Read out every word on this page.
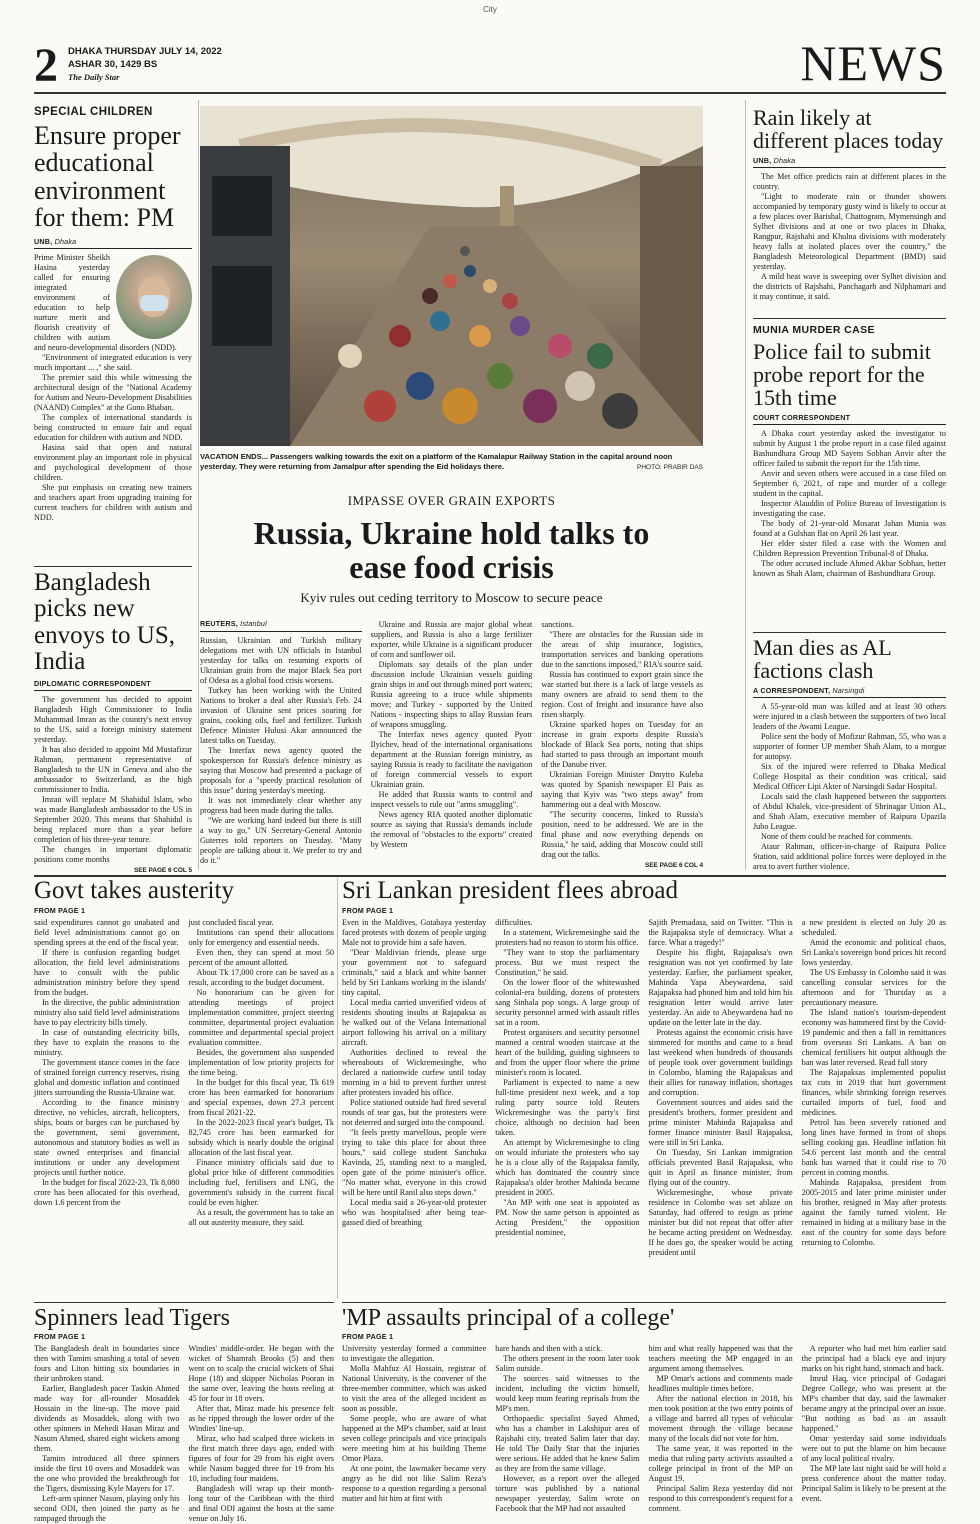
City
2 DHAKA THURSDAY JULY 14, 2022
ASHAR 30, 1429 BS
The Daily Star	NEWS
SPECIAL CHILDREN
Ensure proper educational environment for them: PM
UNB, Dhaka

Prime Minister Sheikh Hasina yesterday called for ensuring integrated environment of education to help nurture merit and flourish creativity of children with autism and neuro-developmental disorders (NDD).

"Environment of integrated education is very much important ... ," she said.

The premier said this while witnessing the architectural design of the "National Academy for Autism and Neuro-Development Disabilities (NAAND) Complex" at the Gono Bhaban.

The complex of international standards is being constructed to ensure fair and equal education for children with autism and NDD.

Hasina said that open and natural environment play an important role in physical and psychological development of those children.

She put emphasis on creating new trainers and teachers apart from upgrading training for current teachers for children with autism and NDD.

Bangladesh picks new envoys to US, India
DIPLOMATIC CORRESPONDENT

The government has decided to appoint Bangladesh High Commissioner to India Muhammad Imran as the country's next envoy to the US, said a foreign ministry statement yesterday.

It has also decided to appoint Md Mustafizur Rahman, permanent representative of Bangladesh to the UN in Geneva and also the ambassador to Switzerland, as the high commissioner to India.

Imran will replace M Shahidul Islam, who was made Bangladesh ambassador to the US in September 2020. This means that Shahidul is being replaced more than a year before completion of his three-year tenure.

The changes in important diplomatic positions come months

SEE PAGE 6 COL 5
VACATION ENDS... Passengers walking towards the exit on a platform of the Kamalapur Railway Station in the capital around noon yesterday. They were returning from Jamalpur after spending the Eid holidays there.	PHOTO: PRABIR DAS
IMPASSE OVER GRAIN EXPORTS
Russia, Ukraine hold talks to ease food crisis
Kyiv rules out ceding territory to Moscow to secure peace
REUTERS, Istanbul

Russian, Ukrainian and Turkish military delegations met with UN officials in Istanbul yesterday for talks on resuming exports of Ukrainian grain from the major Black Sea port of Odesa as a global food crisis worsens.

Turkey has been working with the United Nations to broker a deal after Russia's Feb. 24 invasion of Ukraine sent prices soaring for grains, cooking oils, fuel and fertilizer. Turkish Defence Minister Hulusi Akar announced the latest talks on Tuesday.

The Interfax news agency quoted the spokesperson for Russia's defence ministry as saying that Moscow had presented a package of proposals for a "speedy practical resolution of this issue" during yesterday's meeting.

It was not immediately clear whether any progress had been made during the talks.

"We are working hard indeed but there is still a way to go," UN Secretary-General Antonio Guterres told reporters on Tuesday. "Many people are talking about it. We prefer to try and do it."

Ukraine and Russia are major global wheat suppliers, and Russia is also a large fertilizer exporter, while Ukraine is a significant producer of corn and sunflower oil.

Diplomats say details of the plan under discussion include Ukrainian vessels guiding grain ships in and out through mined port waters; Russia agreeing to a truce while shipments move; and Turkey - supported by the United Nations - inspecting ships to allay Russian fears of weapons smuggling.

The Interfax news agency quoted Pyotr Ilyichev, head of the international organisations department at the Russian foreign ministry, as saying Russia is ready to facilitate the navigation of foreign commercial vessels to export Ukrainian grain.

He added that Russia wants to control and inspect vessels to rule out "arms smuggling".

News agency RIA quoted another diplomatic source as saying that Russia's demands include the removal of "obstacles to the exports" created by Western

sanctions.

"There are obstacles for the Russian side in the areas of ship insurance, logistics, transportation services and banking operations due to the sanctions imposed," RIA's source said.

Russia has continued to export grain since the war started but there is a lack of large vessels as many owners are afraid to send them to the region. Cost of freight and insurance have also risen sharply.

Ukraine sparked hopes on Tuesday for an increase in grain exports despite Russia's blockade of Black Sea ports, noting that ships had started to pass through an important mouth of the Danube river.

Ukrainian Foreign Minister Dmytro Kuleba was quoted by Spanish newspaper El Pais as saying that Kyiv was "two steps away" from hammering out a deal with Moscow.

"The security concerns, linked to Russia's position, need to be addressed. We are in the final phase and now everything depends on Russia," he said, adding that Moscow could still drag out the talks.

SEE PAGE 6 COL 4
Rain likely at different places today
UNB, Dhaka

The Met office predicts rain at different places in the country.

"Light to moderate rain or thunder showers accompanied by temporary gusty wind is likely to occur at a few places over Barishal, Chattogram, Mymensingh and Sylhet divisions and at one or two places in Dhaka, Rangpur, Rajshahi and Khulna divisions with moderately heavy falls at isolated places over the country," the Bangladesh Meteorological Department (BMD) said yesterday.

A mild heat wave is sweeping over Sylhet division and the districts of Rajshahi, Panchagarh and Nilphamari and it may continue, it said.

MUNIA MURDER CASE
Police fail to submit probe report for the 15th time
COURT CORRESPONDENT

A Dhaka court yesterday asked the investigator to submit by August 1 the probe report in a case filed against Bashundhara Group MD Sayem Sobhan Anvir after the officer failed to submit the report for the 15th time.

Anvir and seven others were accused in a case filed on September 6, 2021, of rape and murder of a college student in the capital.

Inspector Alauddin of Police Bureau of Investigation is investigating the case.

The body of 21-year-old Mosarat Jahan Munia was found at a Gulshan flat on April 26 last year.

Her elder sister filed a case with the Women and Children Repression Prevention Tribunal-8 of Dhaka.

The other accused include Ahmed Akbar Sobhan, better known as Shah Alam, chairman of Bashundhara Group.

Man dies as AL factions clash
A CORRESPONDENT, Narsingdi

A 55-year-old man was killed and at least 30 others were injured in a clash between the supporters of two local leaders of the Awami League.

Police sent the body of Mofizur Rahman, 55, who was a supporter of former UP member Shah Alam, to a morgue for autopsy.

Six of the injured were referred to Dhaka Medical College Hospital as their condition was critical, said Medical Officer Lipi Akter of Narsingdi Sadar Hospital.

Locals said the clash happened between the supporters of Abdul Khalek, vice-president of Shrinagar Union AL, and Shah Alam, executive member of Raipura Upazila Jubo League.

None of them could be reached for comments.

Ataur Rahman, officer-in-charge of Raipura Police Station, said additional police forces were deployed in the area to avert further violence.

Govt takes austerity
FROM PAGE 1

said expenditures cannot go unabated and field level administrations cannot go on spending sprees at the end of the fiscal year.

If there is confusion regarding budget allocation, the field level administrations have to consult with the public administration ministry before they spend from the budget.

In the directive, the public administration ministry also said field level administrations have to pay electricity bills timely.

In case of outstanding electricity bills, they have to explain the reasons to the ministry.

The government stance comes in the face of strained foreign currency reserves, rising global and domestic inflation and continued jitters surrounding the Russia-Ukraine war.

According to the finance ministry directive, no vehicles, aircraft, helicopters, ships, boats or barges can be purchased by the government, semi government, autonomous and statutory bodies as well as state owned enterprises and financial institutions or under any development projects until further notice.

In the budget for fiscal 2022-23, Tk 8,080 crore has been allocated for this overhead, down 1.6 percent from the

just concluded fiscal year.

Institutions can spend their allocations only for emergency and essential needs.

Even then, they can spend at most 50 percent of the amount allotted.

About Tk 17,000 crore can be saved as a result, according to the budget document.

No honorarium can be given for attending meetings of project implementation committee, project steering committee, departmental project evaluation committee and departmental special project evaluation committee.

Besides, the government also suspended implementation of low priority projects for the time being.

In the budget for this fiscal year, Tk 619 crore has been earmarked for honorarium and special expenses, down 27.3 percent from fiscal 2021-22.

In the 2022-2023 fiscal year's budget, Tk 82,745 crore has been earmarked for subsidy which is nearly double the original allocation of the last fiscal year.

Finance ministry officials said due to global price hike of different commodities including fuel, fertilisers and LNG, the government's subsidy in the current fiscal could be even higher.

As a result, the government has to take an all out austerity measure, they said.

Sri Lankan president flees abroad
FROM PAGE 1

Even in the Maldives, Gotabaya yesterday faced protests with dozens of people urging Male not to provide him a safe haven.

"Dear Maldivian friends, please urge your government not to safeguard criminals," said a black and white banner held by Sri Lankans working in the islands' tiny capital.

Local media carried unverified videos of residents shouting insults at Rajapaksa as he walked out of the Velana International airport following his arrival on a military aircraft.

Authorities declined to reveal the whereabouts of Wickremesinghe, who declared a nationwide curfew until today morning in a bid to prevent further unrest after protesters invaded his office.

Police stationed outside had fired several rounds of tear gas, but the protesters were not deterred and surged into the compound.

"It feels pretty marvellous, people were trying to take this place for about three hours," said college student Sanchuka Kavinda, 25, standing next to a mangled, open gate of the prime minister's office. "No matter what, everyone in this crowd will be here until Ranil also steps down."

Local media said a 26-year-old protester who was hospitalised after being tear-gassed died of breathing

difficulties.

In a statement, Wickremesinghe said the protesters had no reason to storm his office.

"They want to stop the parliamentary process. But we must respect the Constitution," he said.

On the lower floor of the whitewashed colonial-era building, dozens of protesters sang Sinhala pop songs. A large group of security personnel armed with assault rifles sat in a room.

Protest organisers and security personnel manned a central wooden staircase at the heart of the building, guiding sightseers to and from the upper floor where the prime minister's room is located.

Parliament is expected to name a new full-time president next week, and a top ruling party source told Reuters Wickremesinghe was the party's first choice, although no decision had been taken.

An attempt by Wickremesinghe to cling on would infuriate the protesters who say he is a close ally of the Rajapaksa family, which has dominated the country since Rajapaksa's older brother Mahinda became president in 2005.

"An MP with one seat is appointed as PM. Now the same person is appointed as Acting President," the opposition presidential nominee,

Sajith Premadasa, said on Twitter. "This is the Rajapaksa style of democracy. What a farce. What a tragedy!"

Despite his flight, Rajapaksa's own resignation was not yet confirmed by late yesterday. Earlier, the parliament speaker, Mahinda Yapa Abeywardena, said Rajapaksa had phoned him and told him his resignation letter would arrive later yesterday. An aide to Abeywardena had no update on the letter late in the day.

Protests against the economic crisis have simmered for months and came to a head last weekend when hundreds of thousands of people took over government buildings in Colombo, blaming the Rajapaksas and their allies for runaway inflation, shortages and corruption.

Government sources and aides said the president's brothers, former president and prime minister Mahinda Rajapaksa and former finance minister Basil Rajapaksa, were still in Sri Lanka.

On Tuesday, Sri Lankan immigration officials prevented Basil Rajapaksa, who quit in April as finance minister, from flying out of the country.

Wickremesinghe, whose private residence in Colombo was set ablaze on Saturday, had offered to resign as prime minister but did not repeat that offer after he became acting president on Wednesday. If he does go, the speaker would be acting president until

a new president is elected on July 20 as scheduled.

Amid the economic and political chaos, Sri Lanka's sovereign bond prices hit record lows yesterday.

The US Embassy in Colombo said it was cancelling consular services for the afternoon and for Thursday as a precautionary measure.

The island nation's tourism-dependent economy was hammered first by the Covid-19 pandemic and then a fall in remittances from overseas Sri Lankans. A ban on chemical fertilisers hit output although the ban was later reversed. Read full story

The Rajapaksas implemented populist tax cuts in 2019 that hurt government finances, while shrinking foreign reserves curtailed imports of fuel, food and medicines.

Petrol has been severely rationed and long lines have formed in front of shops selling cooking gas. Headline inflation hit 54.6 percent last month and the central bank has warned that it could rise to 70 percent in coming months.

Mahinda Rajapaksa, president from 2005-2015 and later prime minister under his brother, resigned in May after protests against the family turned violent. He remained in hiding at a military base in the east of the country for some days before returning to Colombo.

Spinners lead Tigers
FROM PAGE 1

The Bangladesh dealt in boundaries since then with Tamim smashing a total of seven fours and Liton hitting six boundaries in their unbroken stand.

Earlier, Bangladesh pacer Taskin Ahmed made way for all-rounder Mosaddek Hossain in the line-up. The move paid dividends as Mosaddek, along with two other spinners in Mehedi Hasan Miraz and Nasum Ahmed, shared eight wickets among them.

Tamim introduced all three spinners inside the first 10 overs and Mosaddek was the one who provided the breakthrough for the Tigers, dismissing Kyle Mayers for 17.

Left-arm spinner Nasum, playing only his second ODI, then joined the party as he rampaged through the

Windies' middle-order. He began with the wicket of Shamrah Brooks (5) and then went on to scalp the crucial wickets of Shai Hope (18) and skipper Nicholas Pooran in the same over, leaving the hosts reeling at 45 for four in 18 overs.

After that, Miraz made his presence felt as he ripped through the lower order of the Windies' line-up.

Miraz, who had scalped three wickets in the first match three days ago, ended with figures of four for 29 from his eight overs while Nasum bagged three for 19 from his 10, including four maidens.

Bangladesh will wrap up their month-long tour of the Caribbean with the third and final ODI against the hosts at the same venue on July 16.

'MP assaults principal of a college'
FROM PAGE 1

University yesterday formed a committee to investigate the allegation.

Molla Mahfuz Al Hossain, registrar of National University, is the convener of the three-member committee, which was asked to visit the area of the alleged incident as soon as possible.

Some people, who are aware of what happened at the MP's chamber, said at least seven college principals and vice principals were meeting him at his building Theme Omor Plaza.

At one point, the lawmaker became very angry as he did not like Salim Reza's response to a question regarding a personal matter and hit him at first with

bare hands and then with a stick.

The others present in the room later took Salim outside.

The sources said witnesses to the incident, including the victim himself, would keep mum fearing reprisals from the MP's men.

Orthopaedic specialist Sayed Ahmed, who has a chamber in Lakshipur area of Rajshahi city, treated Salim later that day. He told The Daily Star that the injuries were serious. He added that he knew Salim as they are from the same village.

However, as a report over the alleged torture was published by a national newspaper yesterday, Salim wrote on Facebook that the MP had not assaulted

him and what really happened was that the teachers meeting the MP engaged in an argument among themselves.

MP Omar's actions and comments made headlines multiple times before.

After the national election in 2018, his men took position at the two entry points of a village and barred all types of vehicular movement through the village because many of the locals did not vote for him.

The same year, it was reported in the media that ruling party activists assaulted a college principal in front of the MP on August 19.

Principal Salim Reza yesterday did not respond to this correspondent's request for a comment.

A reporter who had met him earlier said the principal had a black eye and injury marks on his right hand, stomach and back.

Imrul Haq, vice principal of Godagari Degree College, who was present at the MP's chamber that day, said the lawmaker became angry at the principal over an issue. "But nothing as bad as an assault happened."

Omar yesterday said some individuals were out to put the blame on him because of any local political rivalry.

The MP late last night said he will hold a press conference about the matter today. Principal Salim is likely to be present at the event.
